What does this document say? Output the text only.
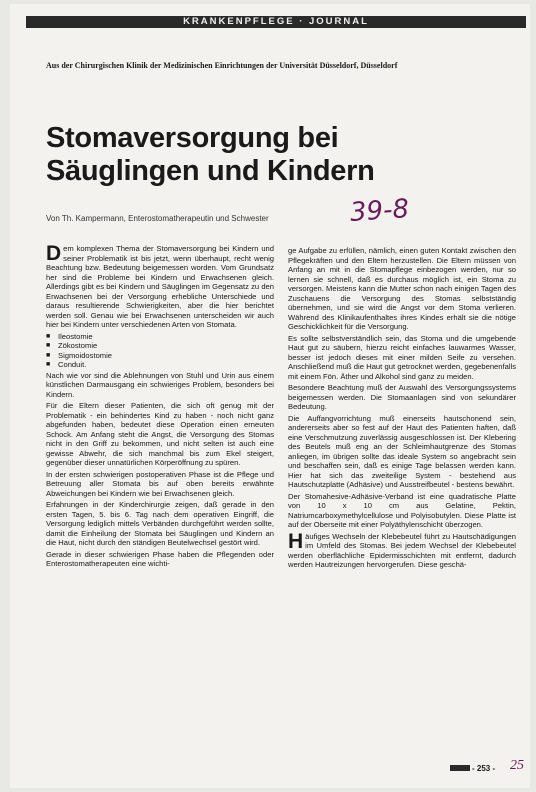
KRANKENPFLEGE · JOURNAL
Aus der Chirurgischen Klinik der Medizinischen Einrichtungen der Universität Düsseldorf, Düsseldorf
Stomaversorgung bei
Säuglingen und Kindern
Von Th. Kampermann, Enterostomatherapeutin und Schwester	39-8

Dem komplexen Thema der Stomaversorgung bei Kindern und seiner Problematik ist bis jetzt, wenn überhaupt, recht wenig Beachtung bzw. Bedeutung beigemessen worden. Vom Grundsatz her sind die Probleme bei Kindern und Erwachsenen gleich. Allerdings gibt es bei Kindern und Säuglingen im Gegensatz zu den Erwachsenen bei der Versorgung erhebliche Unterschiede und daraus resultierende Schwierigkeiten, aber die hier berichtet werden soll. Genau wie bei Erwachsenen unterscheiden wir auch hier bei Kindern unter verschiedenen Arten von Stomata.

■ Ileostomie
■ Zökostomie
■ Sigmoidostomie
■ Conduit.

Nach wie vor sind die Ablehnungen von Stuhl und Urin aus einem künstlichen Darmausgang ein schwieriges Problem, besonders bei Kindern.

Für die Eltern dieser Patienten, die sich oft genug mit der Problematik - ein behindertes Kind zu haben - noch nicht ganz abgefunden haben, bedeutet diese Operation einen erneuten Schock. Am Anfang steht die Angst, die Versorgung des Stomas nicht in den Griff zu bekommen, und nicht selten ist auch eine gewisse Abwehr, die sich manchmal bis zum Ekel steigert, gegenüber dieser unnatürlichen Körperöffnung zu spüren.

In der ersten schwierigen postoperativen Phase ist die Pflege und Betreuung aller Stomata bis auf oben bereits erwähnte Abweichungen bei Kindern wie bei Erwachsenen gleich.

Erfahrungen in der Kinderchirurgie zeigen, daß gerade in den ersten Tagen, 5. bis 6. Tag nach dem operativen Eingriff, die Versorgung lediglich mittels Verbänden durchgeführt werden sollte, damit die Einheilung der Stomata bei Säuglingen und Kindern an die Haut, nicht durch den ständigen Beutelwechsel gestört wird.

Gerade in dieser schwierigen Phase haben die Pflegenden oder Enterostomatherapeuten eine wichti-

ge Aufgabe zu erfüllen, nämlich, einen guten Kontakt zwischen den Pflegekräften und den Eltern herzustellen. Die Eltern müssen von Anfang an mit in die Stomapflege einbezogen werden, nur so lernen sie schnell, daß es durchaus möglich ist, ein Stoma zu versorgen. Meistens kann die Mutter schon nach einigen Tagen des Zuschauens die Versorgung des Stomas selbstständig übernehmen, und sie wird die Angst vor dem Stoma verlieren. Während des Klinikaufenthaltes ihres Kindes erhält sie die nötige Geschicklichkeit für die Versorgung.

Es sollte selbstverständlich sein, das Stoma und die umgebende Haut gut zu säubern, hierzu reicht einfaches lauwarmes Wasser, besser ist jedoch dieses mit einer milden Seife zu versehen. Anschließend muß die Haut gut getrocknet werden, gegebenenfalls mit einem Fön. Äther und Alkohol sind ganz zu meiden.

Besondere Beachtung muß der Auswahl des Versorgungssystems beigemessen werden. Die Stomaanlagen sind von sekundärer Bedeutung.

Die Auffangvorrichtung muß einerseits hautschonend sein, andererseits aber so fest auf der Haut des Patienten haften, daß eine Verschmutzung zuverlässig ausgeschlossen ist. Der Klebering des Beutels muß eng an der Schleimhautgrenze des Stomas anliegen, im übrigen sollte das ideale System so angebracht sein und beschaffen sein, daß es einige Tage belassen werden kann. Hier hat sich das zweiteilige System - bestehend aus Hautschutzplatte (Adhäsive) und Ausstreifbeutel - bestens bewährt.

Der Stomahesive-Adhäsive-Verband ist eine quadratische Platte von 10 x 10 cm aus Gelatine, Pektin, Natriumcarboxymethylcellulose und Polyisobutylen. Diese Platte ist auf der Oberseite mit einer Polyäthylenschicht überzogen.

Häufiges Wechseln der Klebebeutel führt zu Hautschädigungen im Umfeld des Stomas. Bei jedem Wechsel der Klebebeutel werden oberflächliche Epidermisschichten mit entfernt, dadurch werden Hautreizungen hervorgerufen. Diese geschä-

- 253 - 25
